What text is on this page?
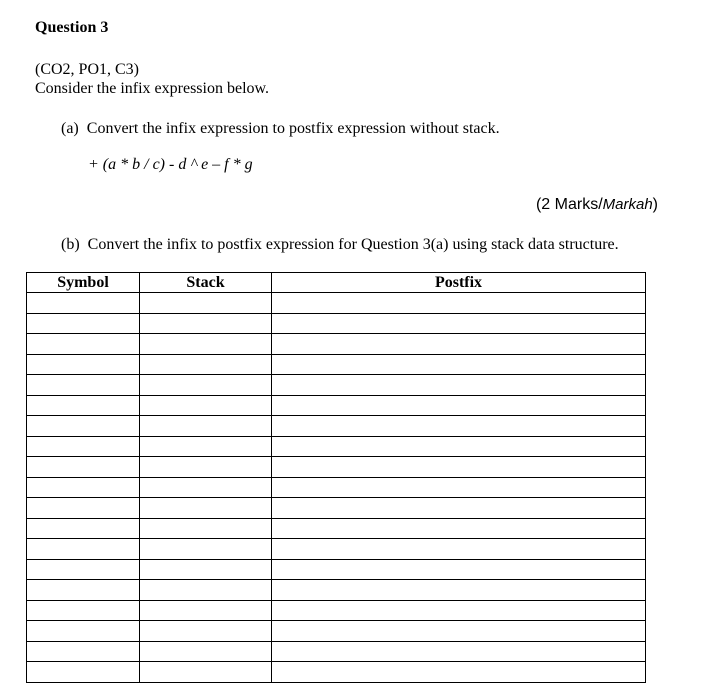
Question 3
(CO2, PO1, C3)
Consider the infix expression below.
(a) Convert the infix expression to postfix expression without stack.
+ (a * b / c) - d ^ e – f * g
(2 Marks/Markah)
(b) Convert the infix to postfix expression for Question 3(a) using stack data structure.
Symbol	Stack	Postfix
